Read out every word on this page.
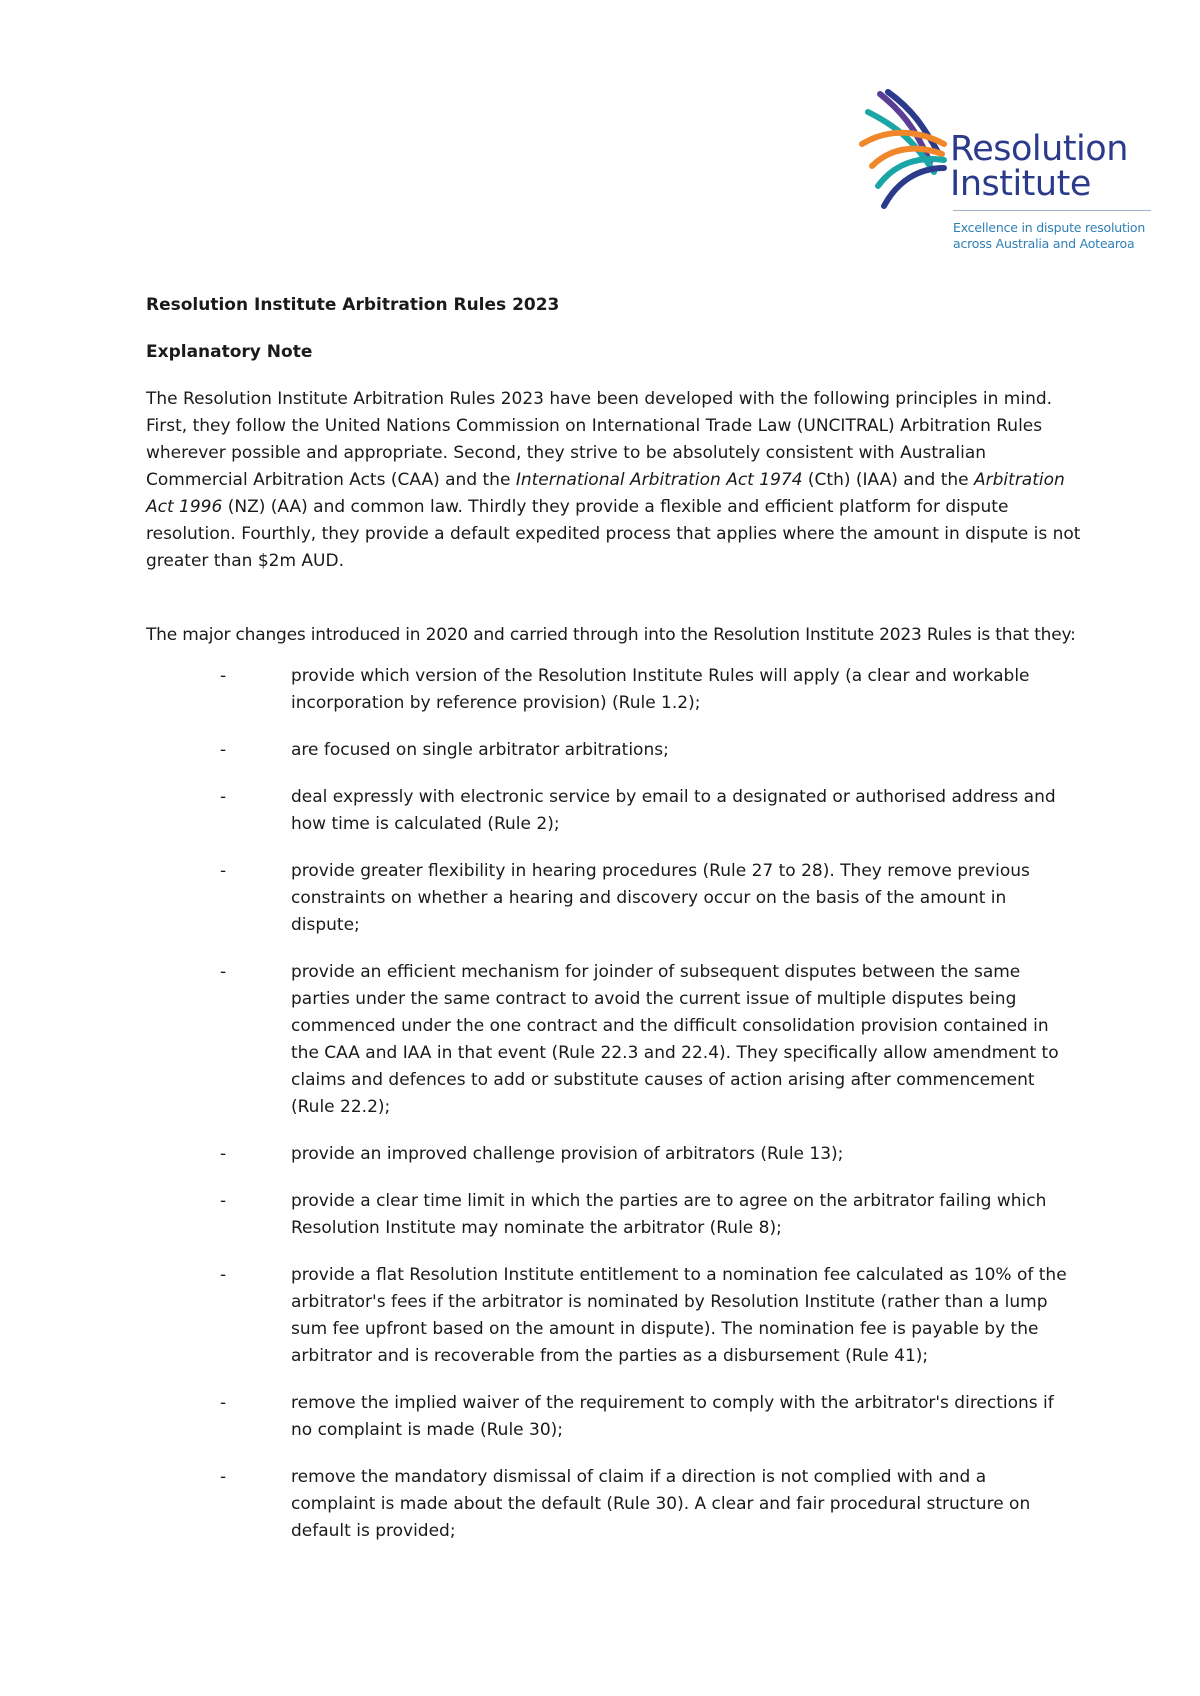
Resolution
Institute
Excellence in dispute resolution
across Australia and Aotearoa

Resolution Institute Arbitration Rules 2023

Explanatory Note

The Resolution Institute Arbitration Rules 2023 have been developed with the following principles in mind. First, they follow the United Nations Commission on International Trade Law (UNCITRAL) Arbitration Rules wherever possible and appropriate. Second, they strive to be absolutely consistent with Australian Commercial Arbitration Acts (CAA) and the International Arbitration Act 1974 (Cth) (IAA) and the Arbitration Act 1996 (NZ) (AA) and common law. Thirdly they provide a flexible and efficient platform for dispute resolution. Fourthly, they provide a default expedited process that applies where the amount in dispute is not greater than $2m AUD.

The major changes introduced in 2020 and carried through into the Resolution Institute 2023 Rules is that they:

-	provide which version of the Resolution Institute Rules will apply (a clear and workable incorporation by reference provision) (Rule 1.2);
-	are focused on single arbitrator arbitrations;
-	deal expressly with electronic service by email to a designated or authorised address and how time is calculated (Rule 2);
-	provide greater flexibility in hearing procedures (Rule 27 to 28). They remove previous constraints on whether a hearing and discovery occur on the basis of the amount in dispute;
-	provide an efficient mechanism for joinder of subsequent disputes between the same parties under the same contract to avoid the current issue of multiple disputes being commenced under the one contract and the difficult consolidation provision contained in the CAA and IAA in that event (Rule 22.3 and 22.4). They specifically allow amendment to claims and defences to add or substitute causes of action arising after commencement (Rule 22.2);
-	provide an improved challenge provision of arbitrators (Rule 13);
-	provide a clear time limit in which the parties are to agree on the arbitrator failing which Resolution Institute may nominate the arbitrator (Rule 8);
-	provide a flat Resolution Institute entitlement to a nomination fee calculated as 10% of the arbitrator's fees if the arbitrator is nominated by Resolution Institute (rather than a lump sum fee upfront based on the amount in dispute). The nomination fee is payable by the arbitrator and is recoverable from the parties as a disbursement (Rule 41);
-	remove the implied waiver of the requirement to comply with the arbitrator's directions if no complaint is made (Rule 30);
-	remove the mandatory dismissal of claim if a direction is not complied with and a complaint is made about the default (Rule 30). A clear and fair procedural structure on default is provided;
